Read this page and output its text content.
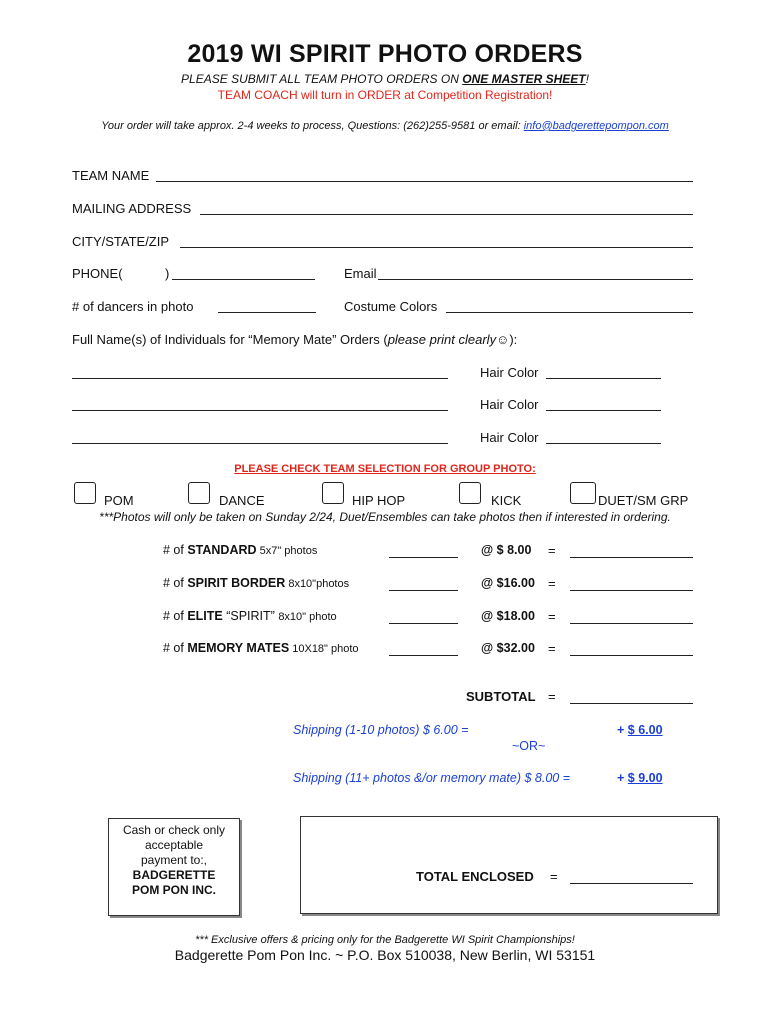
2019 WI SPIRIT PHOTO ORDERS
PLEASE SUBMIT ALL TEAM PHOTO ORDERS ON ONE MASTER SHEET!
TEAM COACH will turn in ORDER at Competition Registration!
Your order will take approx. 2-4 weeks to process, Questions: (262)255-9581 or email: info@badgerettepompon.com
TEAM NAME
MAILING ADDRESS
CITY/STATE/ZIP
PHONE(	)	Email
# of dancers in photo	Costume Colors
Full Name(s) of Individuals for “Memory Mate” Orders (please print clearly☺):
Hair Color
Hair Color
Hair Color
PLEASE CHECK TEAM SELECTION FOR GROUP PHOTO:
POM	DANCE	HIP HOP	KICK	DUET/SM GRP
***Photos will only be taken on Sunday 2/24, Duet/Ensembles can take photos then if interested in ordering.
# of STANDARD 5x7" photos	@ $ 8.00 =
# of SPIRIT BORDER 8x10"photos	@ $16.00 =
# of ELITE “SPIRIT” 8x10" photo	@ $18.00 =
# of MEMORY MATES 10X18" photo	@ $32.00 =
SUBTOTAL =
Shipping (1-10 photos) $ 6.00 =	+ $ 6.00
~OR~
Shipping (11+ photos &/or memory mate) $ 8.00 =	+ $ 9.00
Cash or check only
acceptable
payment to:,
BADGERETTE
POM PON INC.
TOTAL ENCLOSED =
*** Exclusive offers & pricing only for the Badgerette WI Spirit Championships!
Badgerette Pom Pon Inc. ~ P.O. Box 510038, New Berlin, WI 53151
